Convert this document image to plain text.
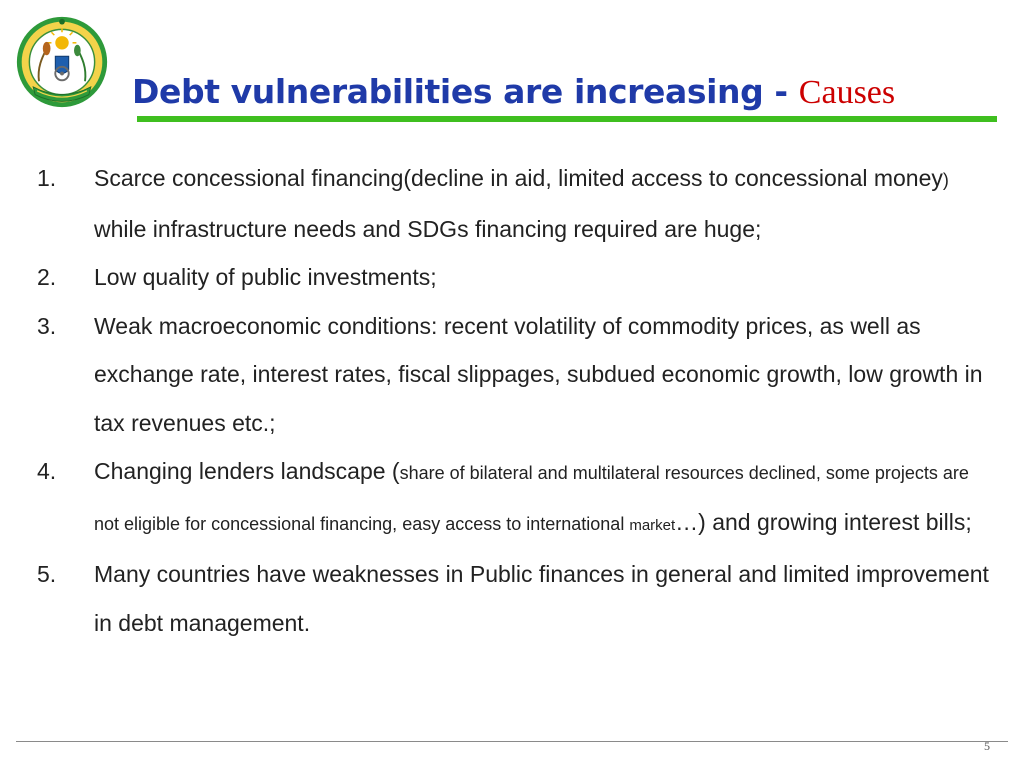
Debt vulnerabilities are increasing - Causes
1. Scarce concessional financing(decline in aid, limited access to concessional money) while infrastructure needs and SDGs financing required are huge;
2. Low quality of public investments;
3. Weak macroeconomic conditions: recent volatility of commodity prices, as well as exchange rate, interest rates, fiscal slippages, subdued economic growth, low growth in tax revenues etc.;
4. Changing lenders landscape (share of bilateral and multilateral resources declined, some projects are not eligible for concessional financing, easy access to international market…) and growing interest bills;
5. Many countries have weaknesses in Public finances in general and limited improvement in debt management.
5
